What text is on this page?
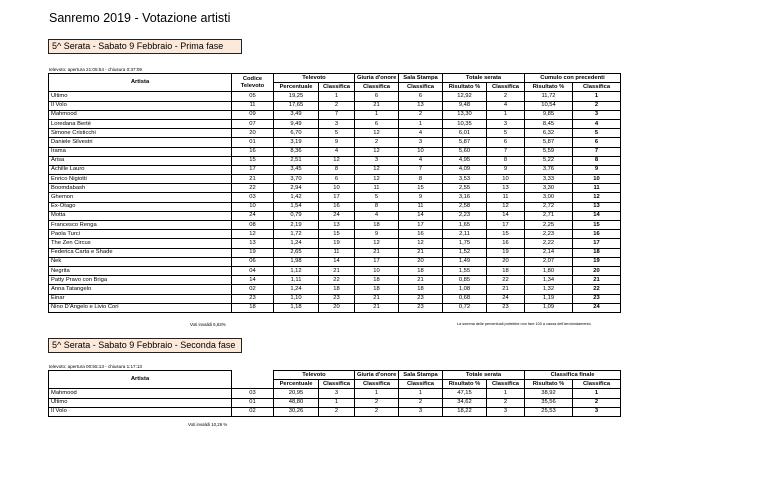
Sanremo 2019 - Votazione artisti
5^ Serata - Sabato 9 Febbraio - Prima fase
televoto: apertura 21:05:54 - chiusura 0:37:09
Artista	Codice Televoto	Televoto		Giuria d'onore	Sala Stampa	Totale serata		Cumulo con precedenti	
		Percentuale	Classifica	Classifica	Classifica	Risultato %	Classifica	Risultato %	Classifica
Ultimo	05	19,25	1	6	6	12,92	2	11,72	1
Il Volo	11	17,65	2	21	13	9,48	4	10,54	2
Mahmood	09	3,49	7	1	2	13,30	1	9,85	3
Loredana Bertè	07	9,49	3	6	1	10,35	3	8,45	4
Simone Cristicchi	20	6,70	5	12	4	6,01	5	6,32	5
Daniele Silvestri	01	3,19	9	2	3	5,87	6	5,87	6
Irama	16	8,36	4	12	10	5,60	7	5,59	7
Arisa	15	2,51	12	3	4	4,95	8	5,22	8
Achille Lauro	17	3,45	8	12	7	4,09	9	3,76	9
Enrico Nigiotti	21	3,70	6	12	8	3,53	10	3,33	10
Boomdabash	22	2,94	10	11	15	2,55	13	3,30	11
Ghemon	03	1,42	17	5	9	3,16	11	3,00	12
Ex-Otago	10	1,54	16	8	11	2,58	12	2,72	13
Motta	24	0,79	24	4	14	2,23	14	2,71	14
Francesco Renga	08	2,19	13	18	17	1,65	17	2,25	15
Paola Turci	12	1,72	15	9	16	2,11	15	2,23	16
The Zen Circus	13	1,24	19	12	12	1,75	16	2,22	17
Federica Carta e Shade	19	2,65	11	21	21	1,52	19	2,14	18
Nek	06	1,98	14	17	20	1,49	20	2,07	19
Negrita	04	1,12	21	10	18	1,55	18	1,80	20
Patty Pravo con Briga	14	1,11	22	18	21	0,85	22	1,34	21
Anna Tatangelo	02	1,24	18	18	18	1,08	21	1,32	22
Einar	23	1,10	23	21	23	0,68	24	1,19	23
Nino D'Angelo e Livio Cori	18	1,18	20	21	23	0,72	23	1,09	24
Voti invalidi 6,63%	La somma delle percentuali potrebbe non fare 100 a causa dell'arrotondamento
5^ Serata - Sabato 9 Febbraio - Seconda fase
televoto: apertura 00:55:13 - chiusura 1:17:13
Artista		Televoto		Giuria d'onore	Sala Stampa	Totale serata		Classifica finale	
		Percentuale	Classifica	Classifica	Classifica	Risultato %	Classifica	Risultato %	Classifica
Mahmood	03	20,95	3	1	1	47,15	1	38,92	1
Ultimo	01	48,80	1	2	2	34,62	2	35,56	2
Il Volo	02	30,26	2	2	3	18,22	3	25,53	3
Voti invalidi 10,26 %
